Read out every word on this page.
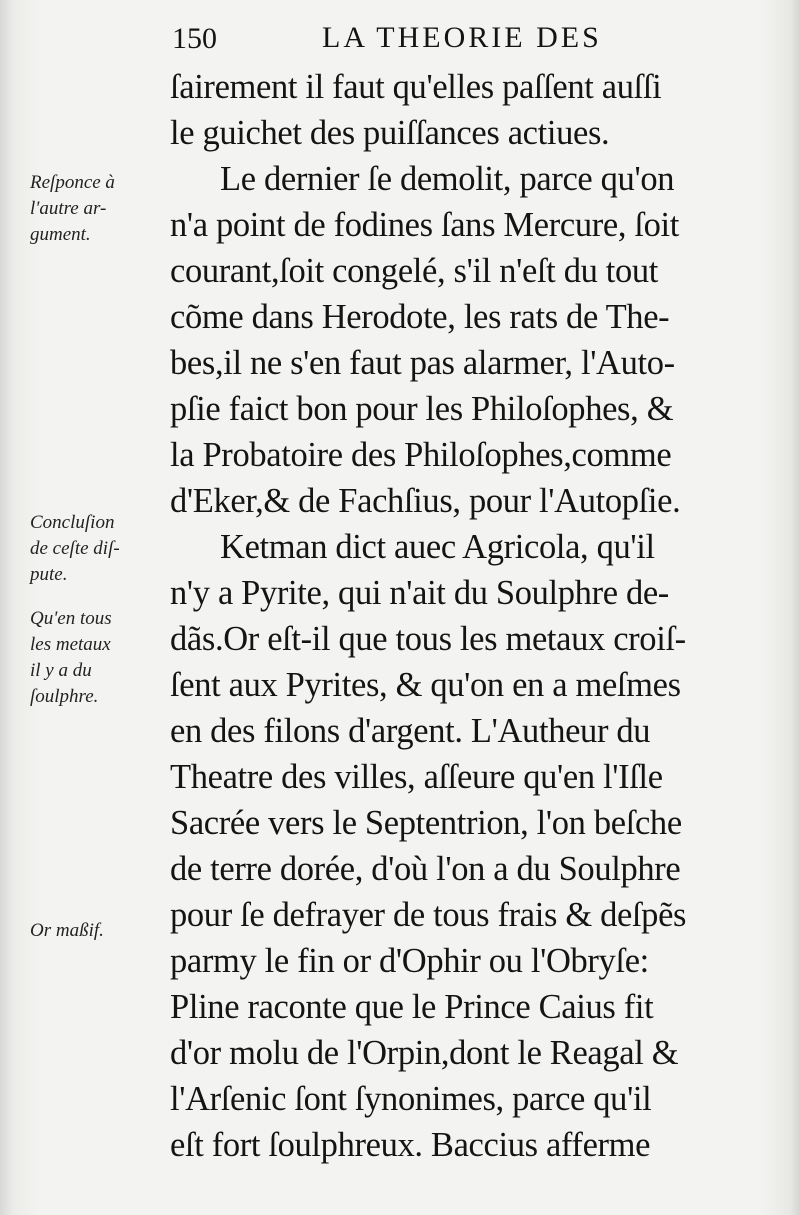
150	LA THEORIE DES
Reſponce à
l'autre ar-
gument.
Concluſion
de ceſte diſ-
pute.
Qu'en tous
les metaux
il y a du
ſoulphre.
Or maßif.
ſairement il faut qu'elles paſſent auſſi
le guichet des puiſſances actiues.
Le dernier ſe demolit, parce qu'on
n'a point de fodines ſans Mercure, ſoit
courant,ſoit congelé, s'il n'eſt du tout
cõme dans Herodote, les rats de The-
bes,il ne s'en faut pas alarmer, l'Auto-
pſie faict bon pour les Philoſophes, &
la Probatoire des Philoſophes,comme
d'Eker,& de Fachſius, pour l'Autopſie.
Ketman dict auec Agricola, qu'il
n'y a Pyrite, qui n'ait du Soulphre de-
dãs.Or eſt-il que tous les metaux croiſ-
ſent aux Pyrites, & qu'on en a meſmes
en des filons d'argent. L'Autheur du
Theatre des villes, aſſeure qu'en l'Iſle
Sacrée vers le Septentrion, l'on beſche
de terre dorée, d'où l'on a du Soulphre
pour ſe defrayer de tous frais & deſpẽs
parmy le fin or d'Ophir ou l'Obryſe:
Pline raconte que le Prince Caius fit
d'or molu de l'Orpin,dont le Reagal &
l'Arſenic ſont ſynonimes, parce qu'il
eſt fort ſoulphreux. Baccius afferme
